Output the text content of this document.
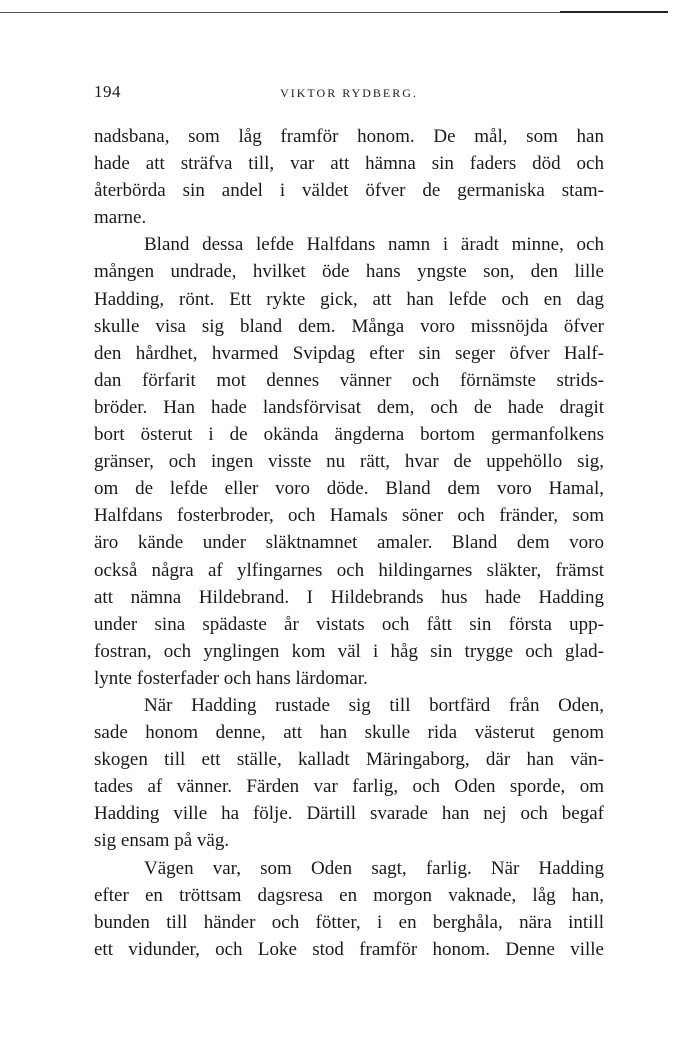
194	VIKTOR RYDBERG.
nadsbana, som låg framför honom. De mål, som han
hade att sträfva till, var att hämna sin faders död och
återbörda sin andel i väldet öfver de germaniska stam-
marne.
Bland dessa lefde Halfdans namn i äradt minne, och
mången undrade, hvilket öde hans yngste son, den lille
Hadding, rönt. Ett rykte gick, att han lefde och en dag
skulle visa sig bland dem. Många voro missnöjda öfver
den hårdhet, hvarmed Svipdag efter sin seger öfver Half-
dan förfarit mot dennes vänner och förnämste strids-
bröder. Han hade landsförvisat dem, och de hade dragit
bort österut i de okända ängderna bortom germanfolkens
gränser, och ingen visste nu rätt, hvar de uppehöllo sig,
om de lefde eller voro döde. Bland dem voro Hamal,
Halfdans fosterbroder, och Hamals söner och fränder, som
äro kände under släktnamnet amaler. Bland dem voro
också några af ylfingarnes och hildingarnes släkter, främst
att nämna Hildebrand. I Hildebrands hus hade Hadding
under sina spädaste år vistats och fått sin första upp-
fostran, och ynglingen kom väl i håg sin trygge och glad-
lynte fosterfader och hans lärdomar.
När Hadding rustade sig till bortfärd från Oden,
sade honom denne, att han skulle rida västerut genom
skogen till ett ställe, kalladt Märingaborg, där han vän-
tades af vänner. Färden var farlig, och Oden sporde, om
Hadding ville ha följe. Därtill svarade han nej och begaf
sig ensam på väg.
Vägen var, som Oden sagt, farlig. När Hadding
efter en tröttsam dagsresa en morgon vaknade, låg han,
bunden till händer och fötter, i en berghåla, nära intill
ett vidunder, och Loke stod framför honom. Denne ville
